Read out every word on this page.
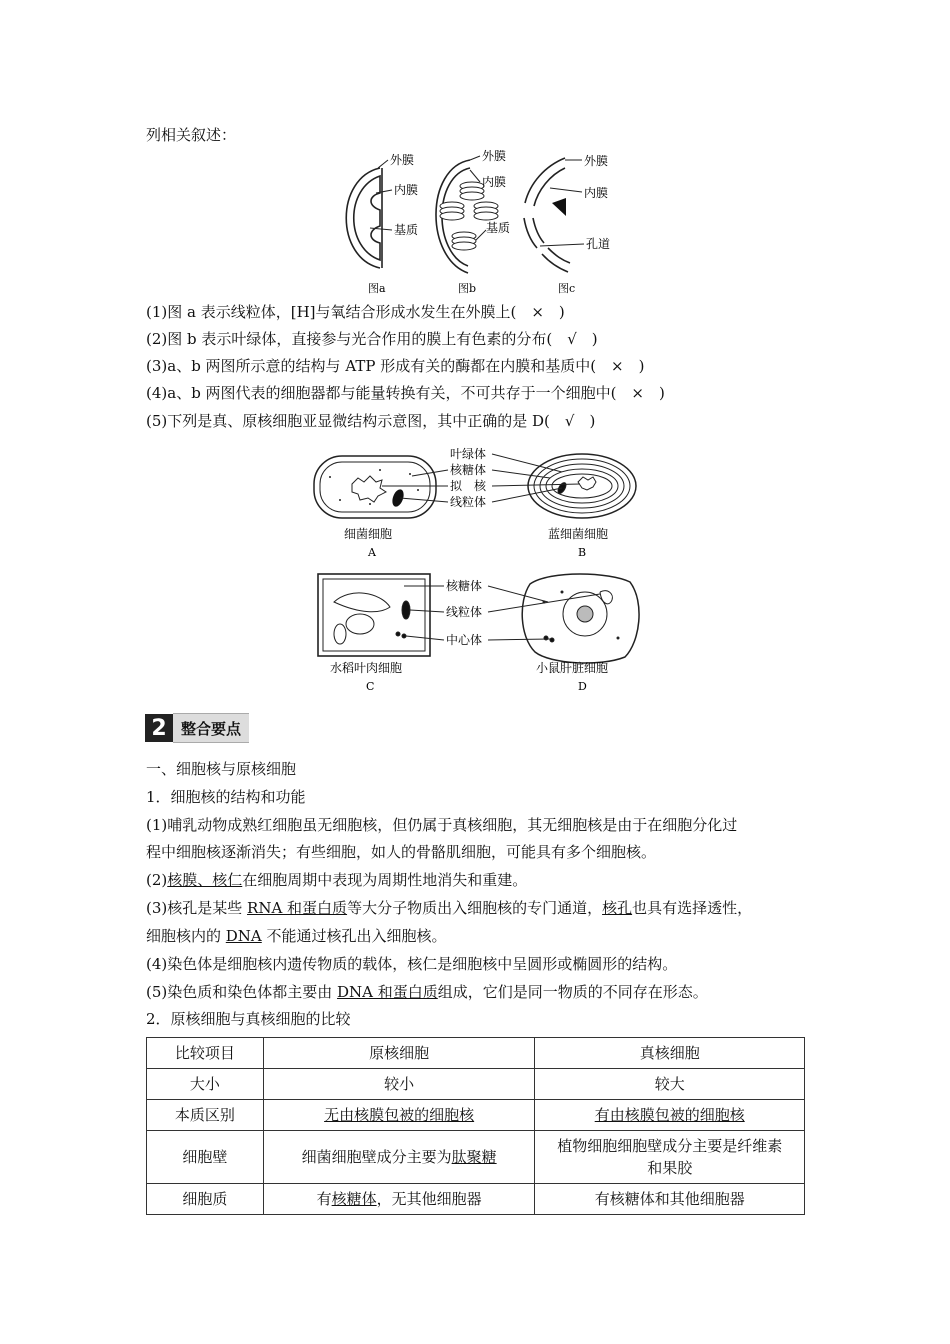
列相关叙述：
外膜
内膜
基质
图a
外膜
内膜
基质
图b
外膜
内膜
孔道
图c
(1)图 a 表示线粒体，[H]与氧结合形成水发生在外膜上(　×　)
(2)图 b 表示叶绿体，直接参与光合作用的膜上有色素的分布(　√　)
(3)a、b 两图所示意的结构与 ATP 形成有关的酶都在内膜和基质中(　×　)
(4)a、b 两图代表的细胞器都与能量转换有关，不可共存于一个细胞中(　×　)
(5)下列是真、原核细胞亚显微结构示意图，其中正确的是 D(　√　)
细菌细胞
A
蓝细菌细胞
B
叶绿体
核糖体
拟　核
线粒体
水稻叶肉细胞
C
小鼠肝脏细胞
D
核糖体
线粒体
中心体
2 整合要点
一、细胞核与原核细胞
1．细胞核的结构和功能
(1)哺乳动物成熟红细胞虽无细胞核，但仍属于真核细胞，其无细胞核是由于在细胞分化过
程中细胞核逐渐消失；有些细胞，如人的骨骼肌细胞，可能具有多个细胞核。
(2)核膜、核仁在细胞周期中表现为周期性地消失和重建。
(3)核孔是某些 RNA 和蛋白质等大分子物质出入细胞核的专门通道，核孔也具有选择透性，
细胞核内的 DNA 不能通过核孔出入细胞核。
(4)染色体是细胞核内遗传物质的载体，核仁是细胞核中呈圆形或椭圆形的结构。
(5)染色质和染色体都主要由 DNA 和蛋白质组成，它们是同一物质的不同存在形态。
2．原核细胞与真核细胞的比较
比较项目	原核细胞	真核细胞
大小	较小	较大
本质区别	无由核膜包被的细胞核	有由核膜包被的细胞核
细胞壁	细菌细胞壁成分主要为肽聚糖	植物细胞细胞壁成分主要是纤维素
和果胶
细胞质	有核糖体，无其他细胞器	有核糖体和其他细胞器
